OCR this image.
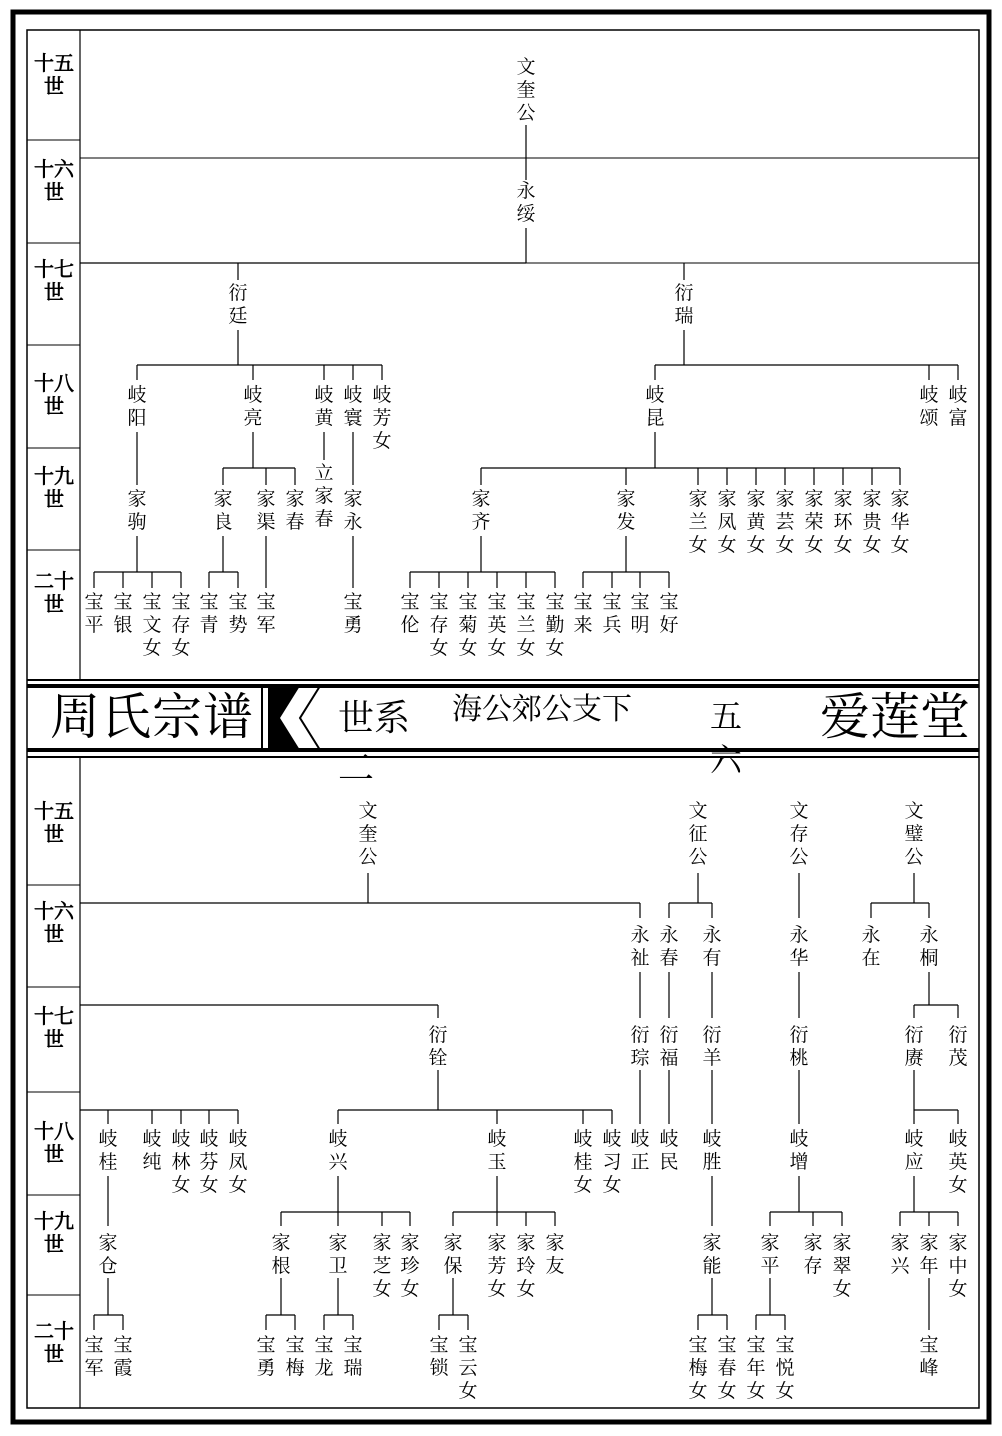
周氏宗谱 世系二
海公郊公支下 五六
爱莲堂
十五世
十六世
十七世
十八世
十九世
二十世
十五世
十六世
十七世
十八世
十九世
二十世
文奎公
永绥
衍廷
衍瑞
岐阳
岐亮
岐黄
岐寰
岐芳女
岐昆
岐颂
岐富
家驹
家良
家渠
家春
立家春
家永
家齐
家发
家兰女
家凤女
家黄女
家芸女
家荣女
家环女
家贵女
家华女
宝平
宝银
宝文女
宝存女
宝青
宝势
宝军
宝勇
宝伦
宝存女
宝菊女
宝英女
宝兰女
宝勤女
宝来
宝兵
宝明
宝好
文奎公
文征公
文存公
文璧公
永祉
永春
永有
永华
永在
永桐
衍铨
衍琮
衍福
衍羊
衍桃
衍赓
衍茂
岐桂
岐纯
岐林女
岐芬女
岐凤女
岐兴
岐玉
岐桂女
岐习女
岐正
岐民
岐胜
岐增
岐应
岐英女
家仓
家根
家卫
家芝女
家珍女
家保
家芳女
家玲女
家友
家能
家平
家存
家翠女
家兴
家年
家中女
宝军
宝霞
宝勇
宝梅
宝龙
宝瑞
宝锁
宝云女
宝梅女
宝春女
宝年女
宝悦女
宝峰
